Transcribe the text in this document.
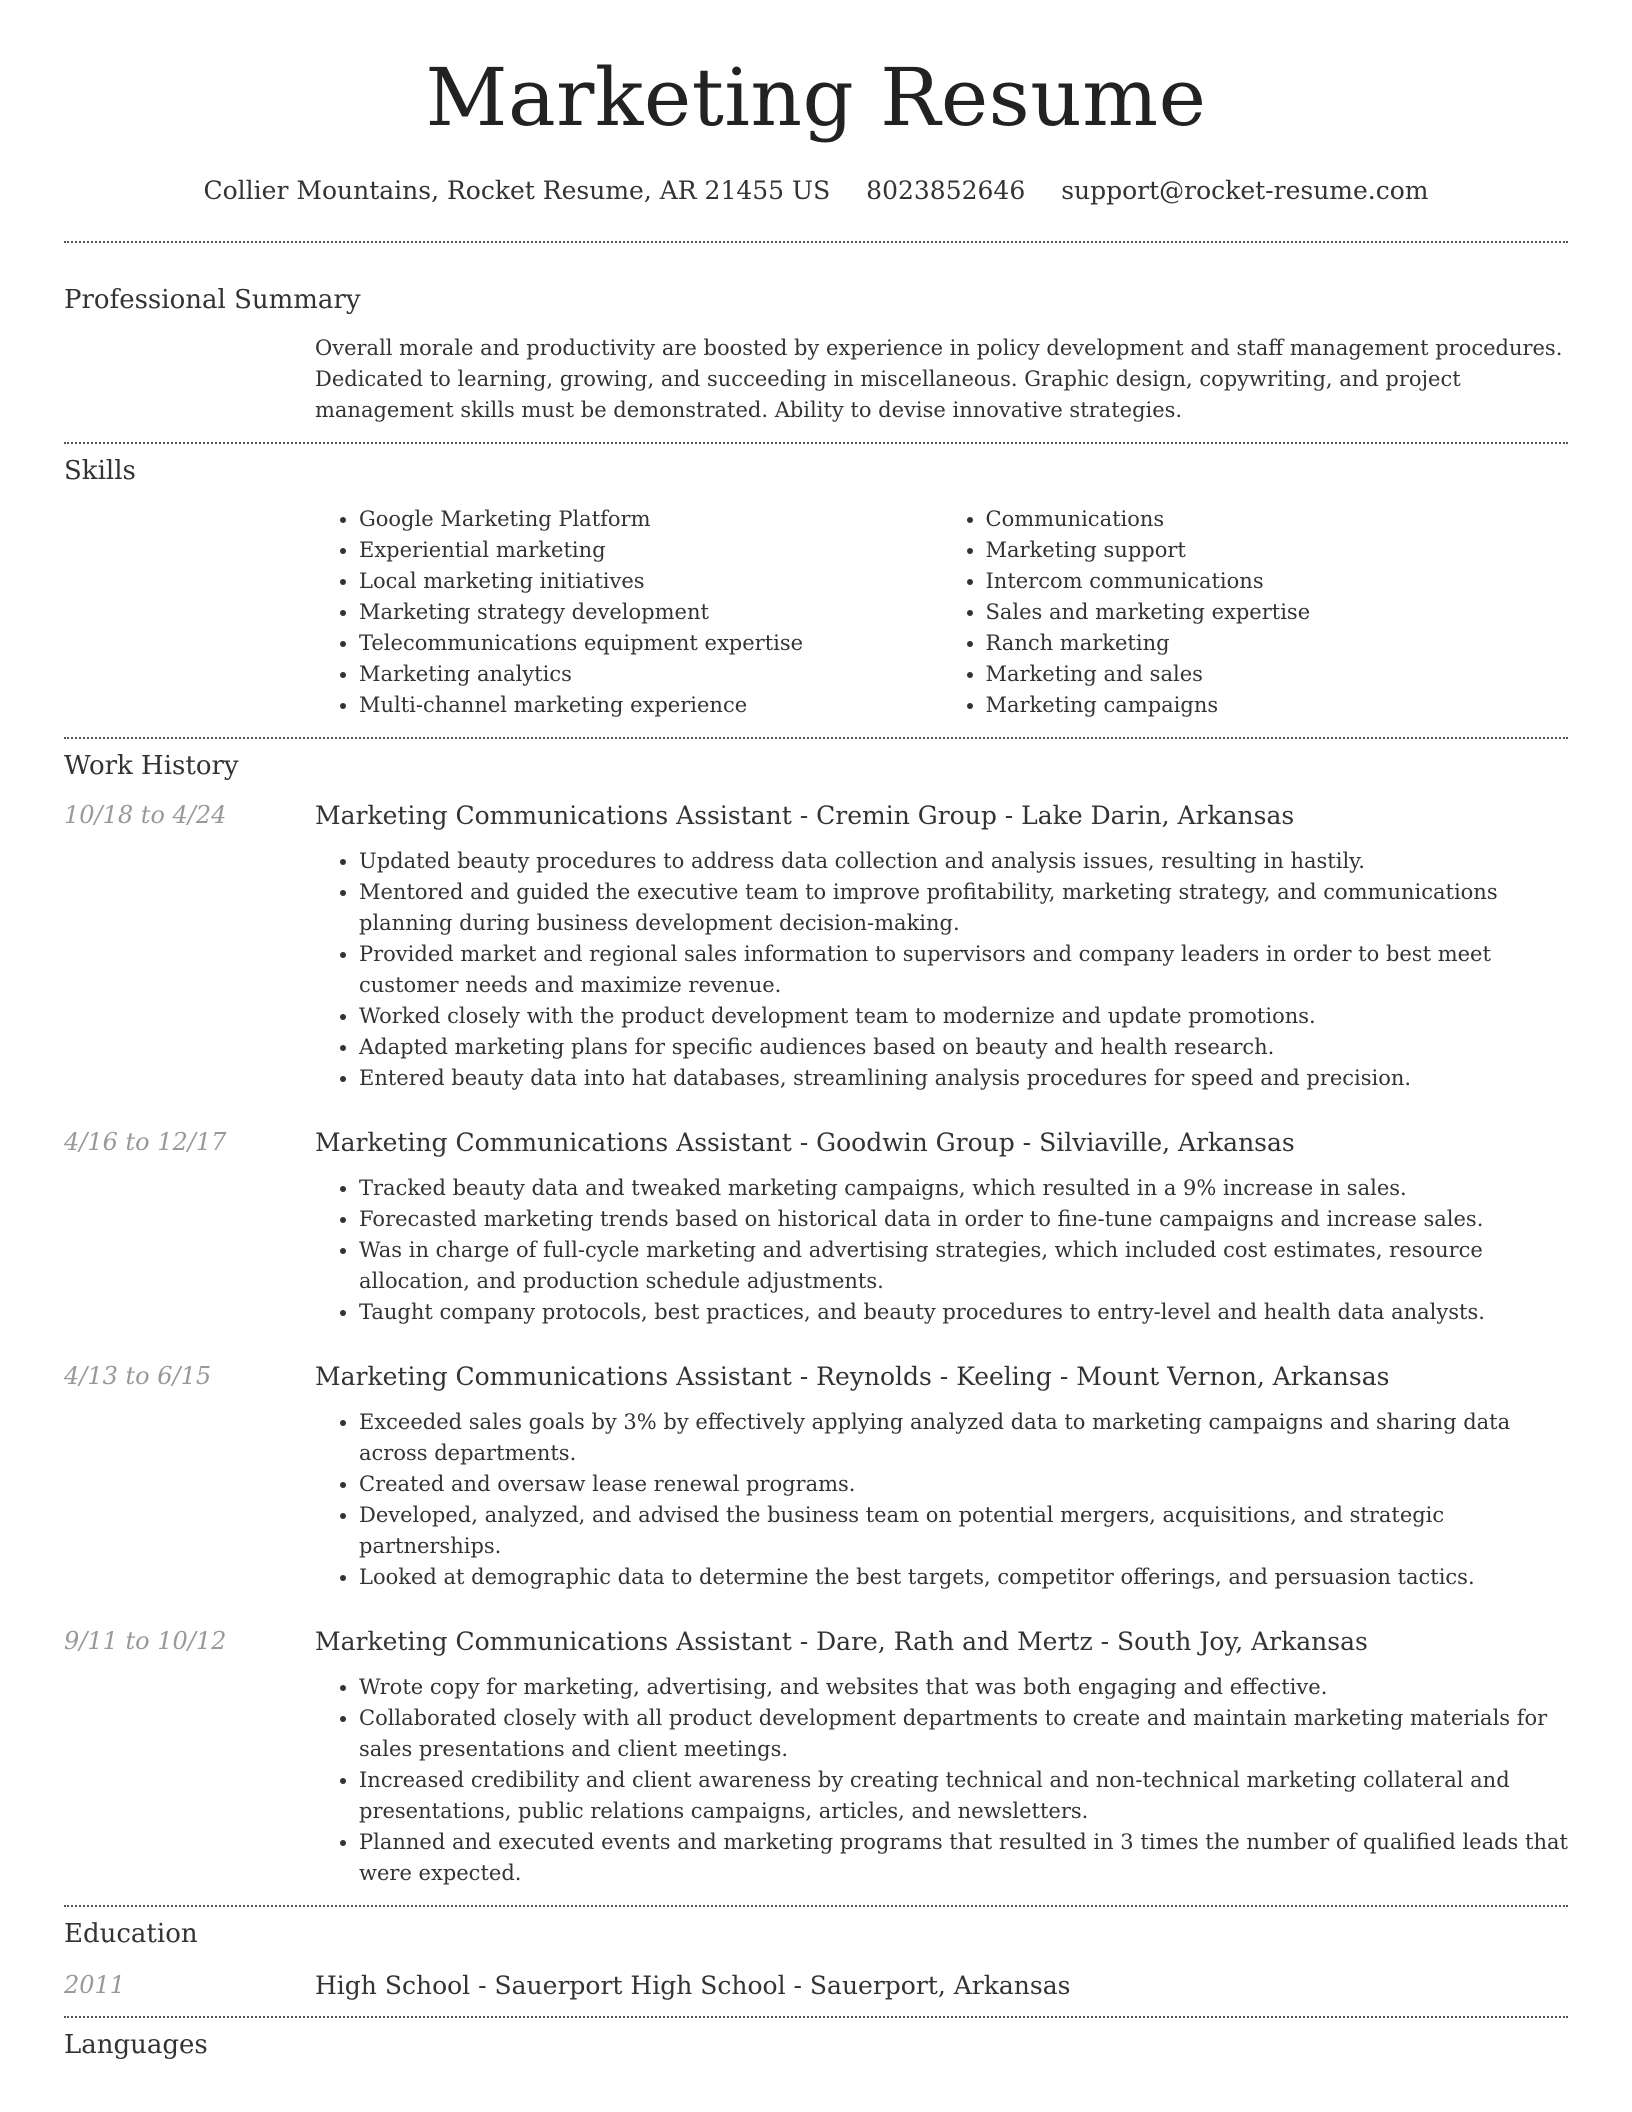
Marketing Resume
Collier Mountains, Rocket Resume, AR 21455 US 8023852646 support@rocket-resume.com
Professional Summary
Overall morale and productivity are boosted by experience in policy development and staff management procedures. Dedicated to learning, growing, and succeeding in miscellaneous. Graphic design, copywriting, and project management skills must be demonstrated. Ability to devise innovative strategies.
Skills
• Google Marketing Platform
• Experiential marketing
• Local marketing initiatives
• Marketing strategy development
• Telecommunications equipment expertise
• Marketing analytics
• Multi-channel marketing experience
• Communications
• Marketing support
• Intercom communications
• Sales and marketing expertise
• Ranch marketing
• Marketing and sales
• Marketing campaigns
Work History
10/18 to 4/24	Marketing Communications Assistant - Cremin Group - Lake Darin, Arkansas
• Updated beauty procedures to address data collection and analysis issues, resulting in hastily.
• Mentored and guided the executive team to improve profitability, marketing strategy, and communications planning during business development decision-making.
• Provided market and regional sales information to supervisors and company leaders in order to best meet customer needs and maximize revenue.
• Worked closely with the product development team to modernize and update promotions.
• Adapted marketing plans for specific audiences based on beauty and health research.
• Entered beauty data into hat databases, streamlining analysis procedures for speed and precision.
4/16 to 12/17	Marketing Communications Assistant - Goodwin Group - Silviaville, Arkansas
• Tracked beauty data and tweaked marketing campaigns, which resulted in a 9% increase in sales.
• Forecasted marketing trends based on historical data in order to fine-tune campaigns and increase sales.
• Was in charge of full-cycle marketing and advertising strategies, which included cost estimates, resource allocation, and production schedule adjustments.
• Taught company protocols, best practices, and beauty procedures to entry-level and health data analysts.
4/13 to 6/15	Marketing Communications Assistant - Reynolds - Keeling - Mount Vernon, Arkansas
• Exceeded sales goals by 3% by effectively applying analyzed data to marketing campaigns and sharing data across departments.
• Created and oversaw lease renewal programs.
• Developed, analyzed, and advised the business team on potential mergers, acquisitions, and strategic partnerships.
• Looked at demographic data to determine the best targets, competitor offerings, and persuasion tactics.
9/11 to 10/12	Marketing Communications Assistant - Dare, Rath and Mertz - South Joy, Arkansas
• Wrote copy for marketing, advertising, and websites that was both engaging and effective.
• Collaborated closely with all product development departments to create and maintain marketing materials for sales presentations and client meetings.
• Increased credibility and client awareness by creating technical and non-technical marketing collateral and presentations, public relations campaigns, articles, and newsletters.
• Planned and executed events and marketing programs that resulted in 3 times the number of qualified leads that were expected.
Education
2011	High School - Sauerport High School - Sauerport, Arkansas
Languages
